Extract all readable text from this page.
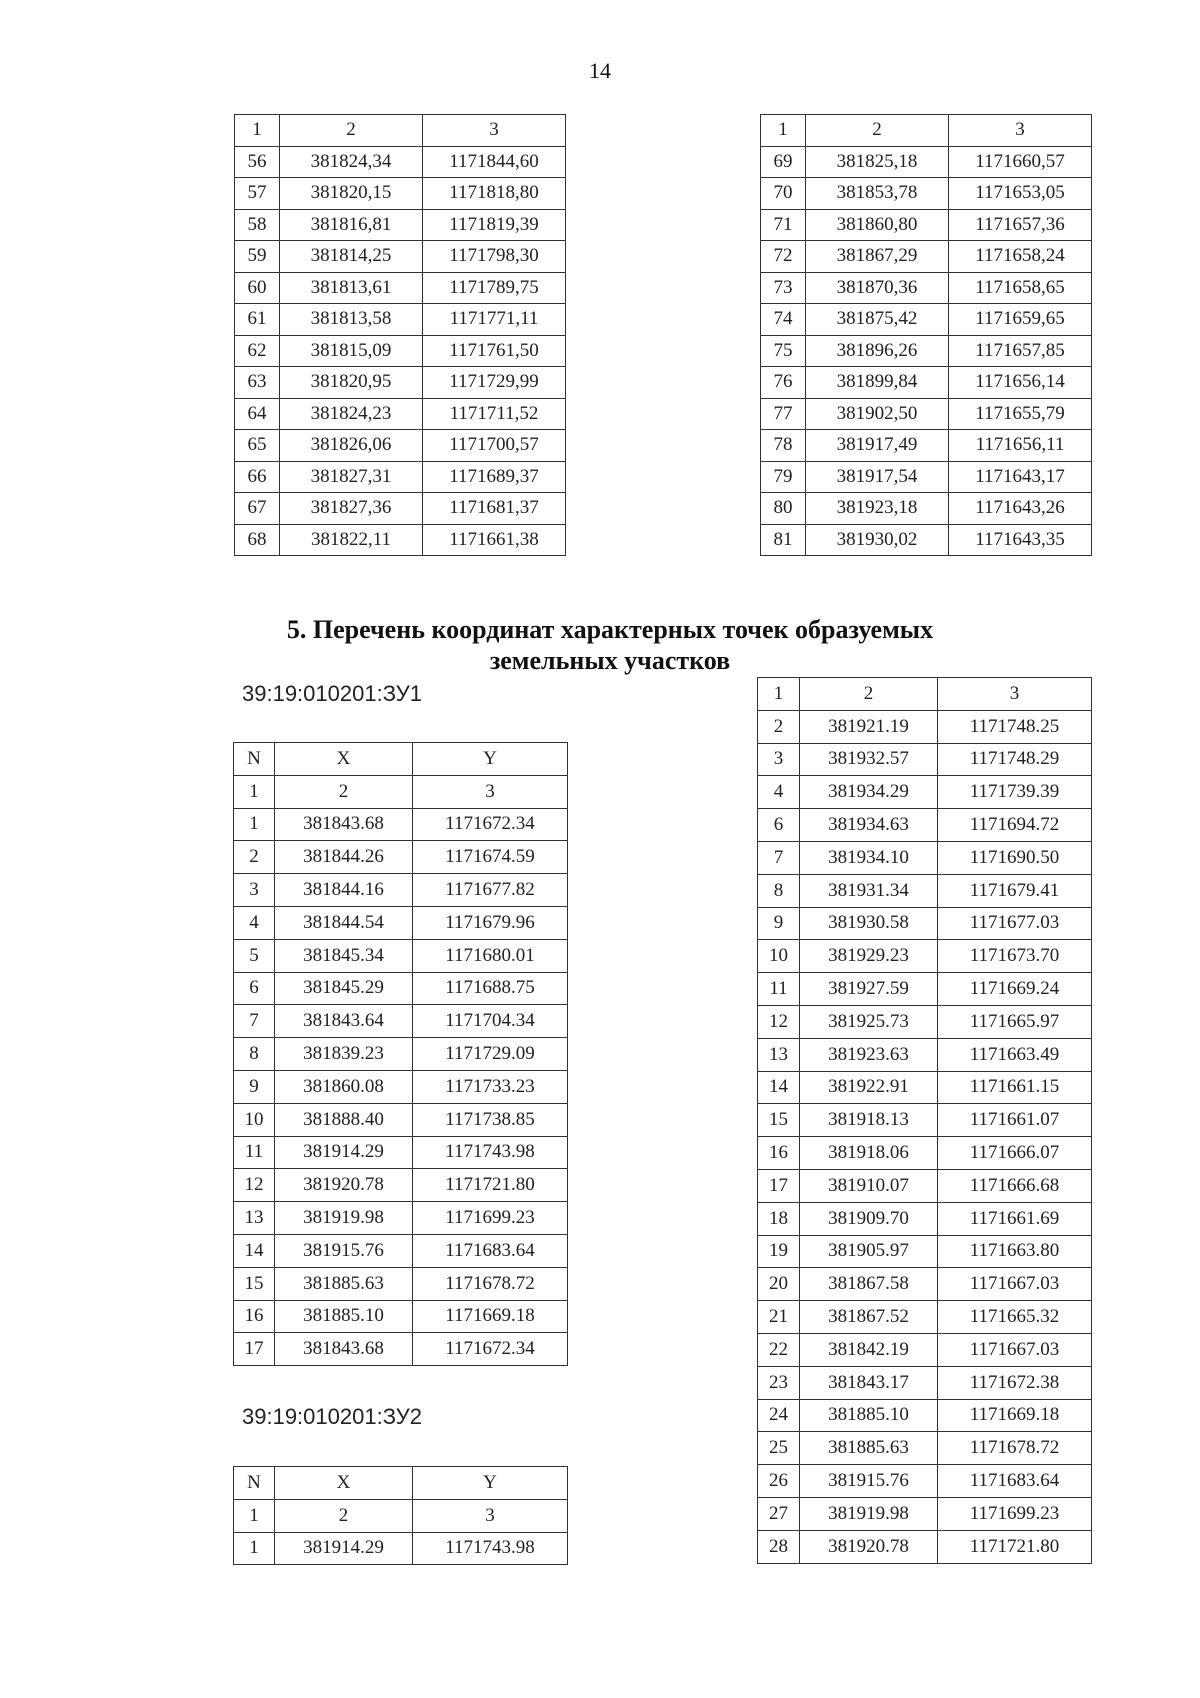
14
1	2	3
56	381824,34	1171844,60
57	381820,15	1171818,80
58	381816,81	1171819,39
59	381814,25	1171798,30
60	381813,61	1171789,75
61	381813,58	1171771,11
62	381815,09	1171761,50
63	381820,95	1171729,99
64	381824,23	1171711,52
65	381826,06	1171700,57
66	381827,31	1171689,37
67	381827,36	1171681,37
68	381822,11	1171661,38
1	2	3
69	381825,18	1171660,57
70	381853,78	1171653,05
71	381860,80	1171657,36
72	381867,29	1171658,24
73	381870,36	1171658,65
74	381875,42	1171659,65
75	381896,26	1171657,85
76	381899,84	1171656,14
77	381902,50	1171655,79
78	381917,49	1171656,11
79	381917,54	1171643,17
80	381923,18	1171643,26
81	381930,02	1171643,35
5. Перечень координат характерных точек образуемых
земельных участков
39:19:010201:ЗУ1
N	X	Y
1	2	3
1	381843.68	1171672.34
2	381844.26	1171674.59
3	381844.16	1171677.82
4	381844.54	1171679.96
5	381845.34	1171680.01
6	381845.29	1171688.75
7	381843.64	1171704.34
8	381839.23	1171729.09
9	381860.08	1171733.23
10	381888.40	1171738.85
11	381914.29	1171743.98
12	381920.78	1171721.80
13	381919.98	1171699.23
14	381915.76	1171683.64
15	381885.63	1171678.72
16	381885.10	1171669.18
17	381843.68	1171672.34
39:19:010201:ЗУ2
N	X	Y
1	2	3
1	381914.29	1171743.98
1	2	3
2	381921.19	1171748.25
3	381932.57	1171748.29
4	381934.29	1171739.39
6	381934.63	1171694.72
7	381934.10	1171690.50
8	381931.34	1171679.41
9	381930.58	1171677.03
10	381929.23	1171673.70
11	381927.59	1171669.24
12	381925.73	1171665.97
13	381923.63	1171663.49
14	381922.91	1171661.15
15	381918.13	1171661.07
16	381918.06	1171666.07
17	381910.07	1171666.68
18	381909.70	1171661.69
19	381905.97	1171663.80
20	381867.58	1171667.03
21	381867.52	1171665.32
22	381842.19	1171667.03
23	381843.17	1171672.38
24	381885.10	1171669.18
25	381885.63	1171678.72
26	381915.76	1171683.64
27	381919.98	1171699.23
28	381920.78	1171721.80
